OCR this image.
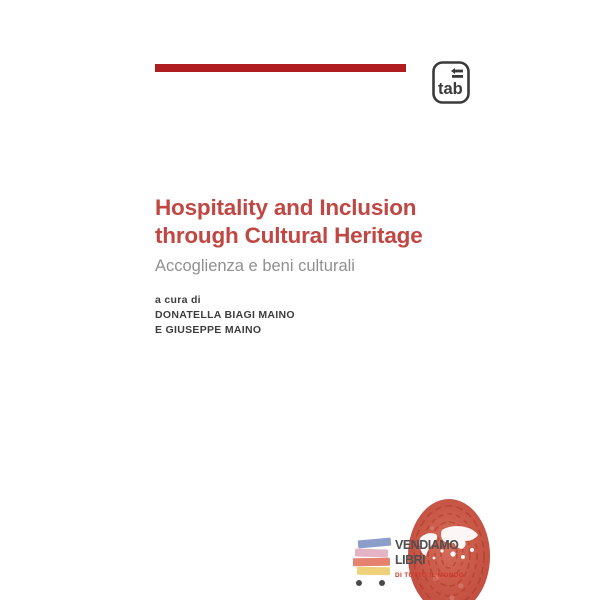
tab
Hospitality and Inclusion
through Cultural Heritage
Accoglienza e beni culturali
a cura di
DONATELLA BIAGI MAINO
E GIUSEPPE MAINO
VENDIAMO
LIBRI
DI TUTTO IL MONDO
